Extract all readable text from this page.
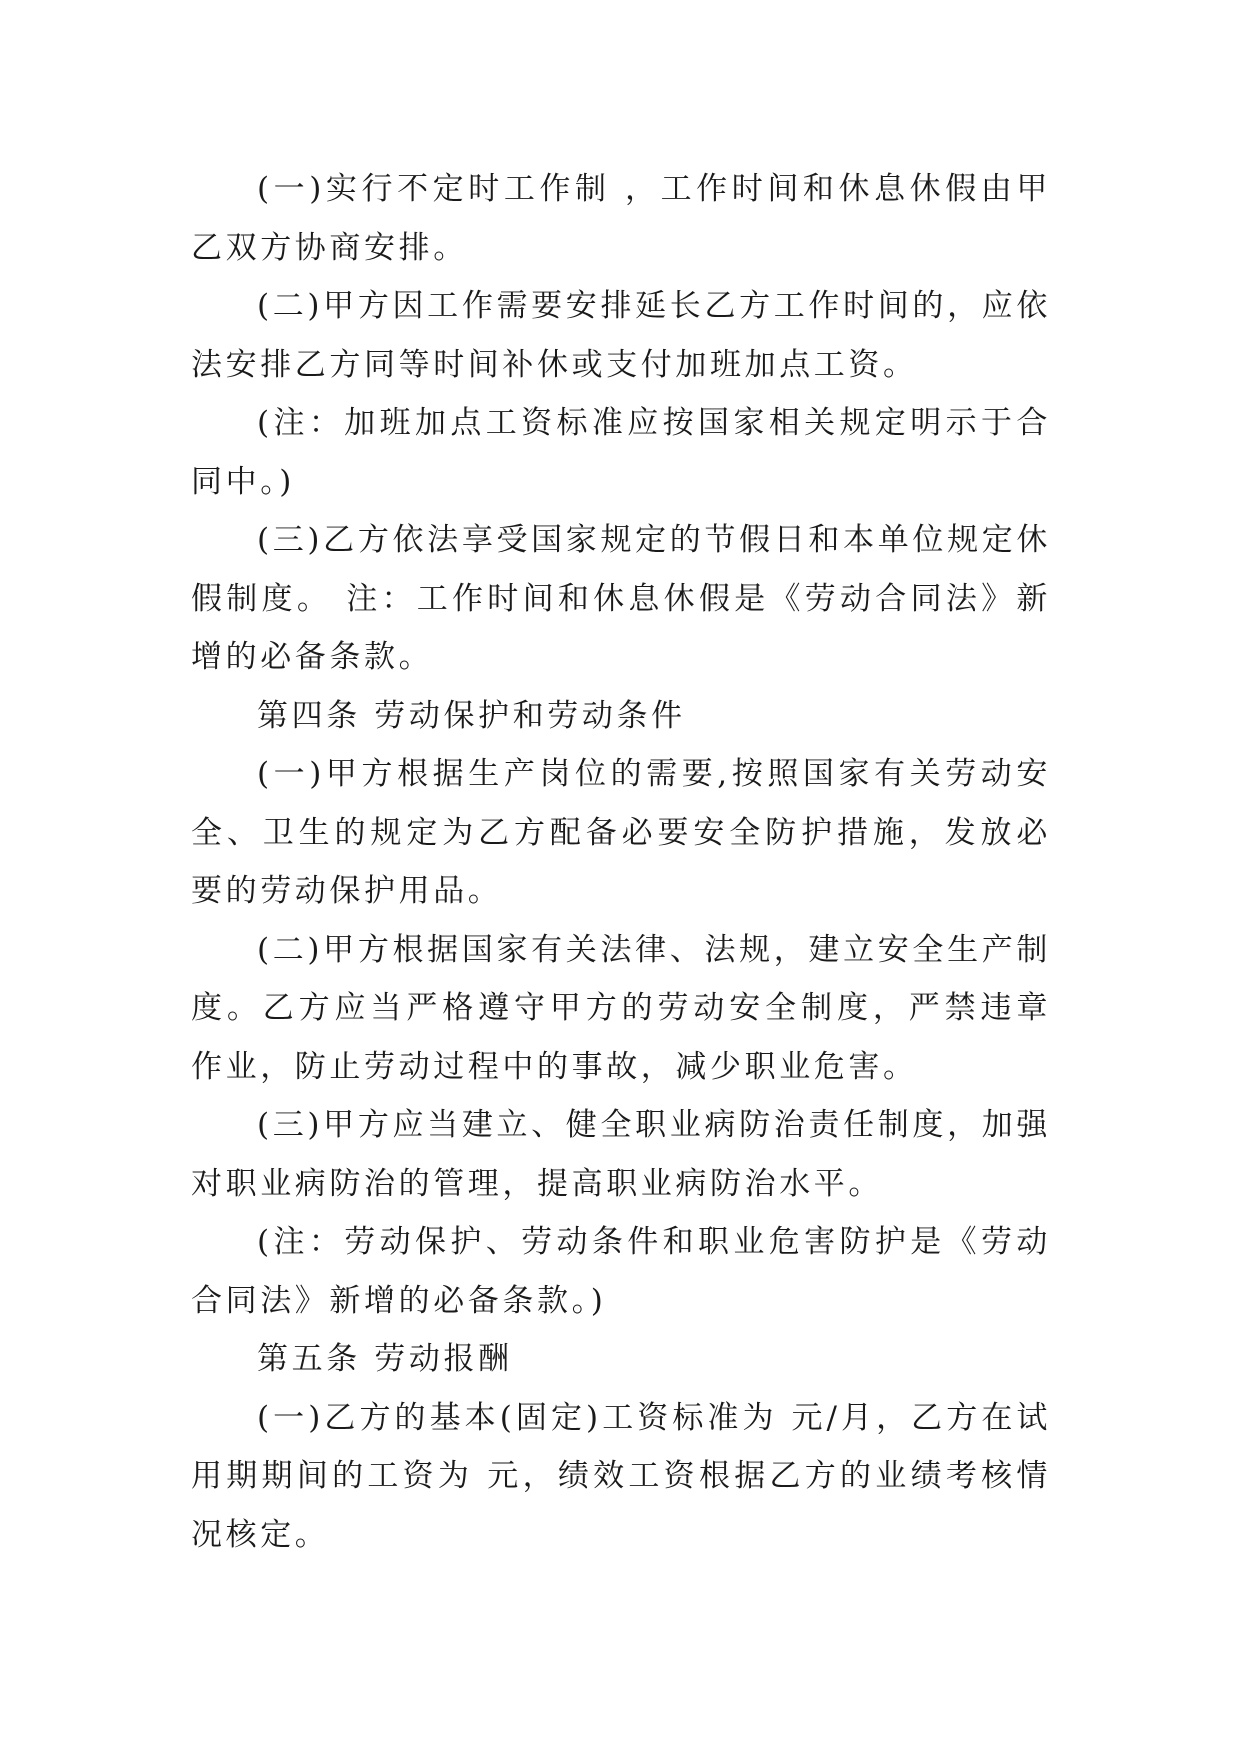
(一)实行不定时工作制 ，工作时间和休息休假由甲乙双方协商安排。

(二)甲方因工作需要安排延长乙方工作时间的，应依法安排乙方同等时间补休或支付加班加点工资。

(注：加班加点工资标准应按国家相关规定明示于合同中。)

(三)乙方依法享受国家规定的节假日和本单位规定休假制度。 注：工作时间和休息休假是《劳动合同法》新增的必备条款。

第四条 劳动保护和劳动条件

(一)甲方根据生产岗位的需要,按照国家有关劳动安全、卫生的规定为乙方配备必要安全防护措施，发放必要的劳动保护用品。

(二)甲方根据国家有关法律、法规，建立安全生产制度。乙方应当严格遵守甲方的劳动安全制度，严禁违章作业，防止劳动过程中的事故，减少职业危害。

(三)甲方应当建立、健全职业病防治责任制度，加强对职业病防治的管理，提高职业病防治水平。

(注：劳动保护、劳动条件和职业危害防护是《劳动合同法》新增的必备条款。)

第五条 劳动报酬

(一)乙方的基本(固定)工资标准为 元/月，乙方在试用期期间的工资为 元，绩效工资根据乙方的业绩考核情况核定。
